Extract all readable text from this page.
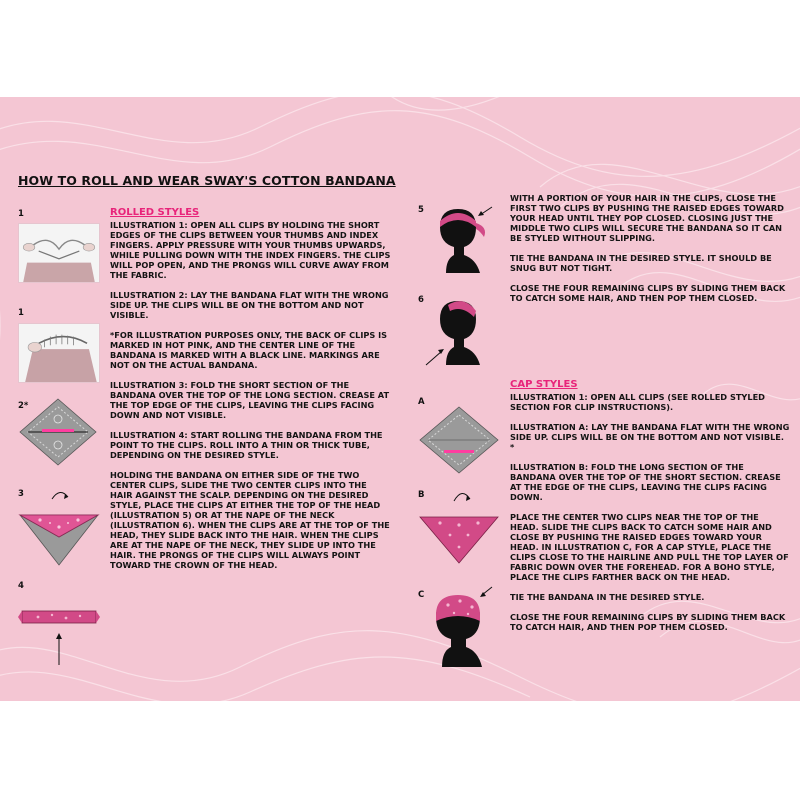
HOW TO ROLL AND WEAR SWAY'S COTTON BANDANA
1
1
2*
3
4

ROLLED STYLES

ILLUSTRATION 1: OPEN ALL CLIPS BY HOLDING THE SHORT EDGES OF THE CLIPS BETWEEN YOUR THUMBS AND INDEX FINGERS. APPLY PRESSURE WITH YOUR THUMBS UPWARDS, WHILE PULLING DOWN WITH THE INDEX FINGERS. THE CLIPS WILL POP OPEN, AND THE PRONGS WILL CURVE AWAY FROM THE FABRIC.

ILLUSTRATION 2: LAY THE BANDANA FLAT WITH THE WRONG SIDE UP. THE CLIPS WILL BE ON THE BOTTOM AND NOT VISIBLE.

*FOR ILLUSTRATION PURPOSES ONLY, THE BACK OF CLIPS IS MARKED IN HOT PINK, AND THE CENTER LINE OF THE BANDANA IS MARKED WITH A BLACK LINE. MARKINGS ARE NOT ON THE ACTUAL BANDANA.

ILLUSTRATION 3: FOLD THE SHORT SECTION OF THE BANDANA OVER THE TOP OF THE LONG SECTION. CREASE AT THE TOP EDGE OF THE CLIPS, LEAVING THE CLIPS FACING DOWN AND NOT VISIBLE.

ILLUSTRATION 4: START ROLLING THE BANDANA FROM THE POINT TO THE CLIPS. ROLL INTO A THIN OR THICK TUBE, DEPENDING ON THE DESIRED STYLE.

HOLDING THE BANDANA ON EITHER SIDE OF THE TWO CENTER CLIPS, SLIDE THE TWO CENTER CLIPS INTO THE HAIR AGAINST THE SCALP. DEPENDING ON THE DESIRED STYLE, PLACE THE CLIPS AT EITHER THE TOP OF THE HEAD (ILLUSTRATION 5) OR AT THE NAPE OF THE NECK (ILLUSTRATION 6). WHEN THE CLIPS ARE AT THE TOP OF THE HEAD, THEY SLIDE BACK INTO THE HAIR. WHEN THE CLIPS ARE AT THE NAPE OF THE NECK, THEY SLIDE UP INTO THE HAIR. THE PRONGS OF THE CLIPS WILL ALWAYS POINT TOWARD THE CROWN OF THE HEAD.

5
6
A
B
C

WITH A PORTION OF YOUR HAIR IN THE CLIPS, CLOSE THE FIRST TWO CLIPS BY PUSHING THE RAISED EDGES TOWARD YOUR HEAD UNTIL THEY POP CLOSED. CLOSING JUST THE MIDDLE TWO CLIPS WILL SECURE THE BANDANA SO IT CAN BE STYLED WITHOUT SLIPPING.

TIE THE BANDANA IN THE DESIRED STYLE. IT SHOULD BE SNUG BUT NOT TIGHT.

CLOSE THE FOUR REMAINING CLIPS BY SLIDING THEM BACK TO CATCH SOME HAIR, AND THEN POP THEM CLOSED.

CAP STYLES

ILLUSTRATION 1: OPEN ALL CLIPS (SEE ROLLED STYLED SECTION FOR CLIP INSTRUCTIONS).

ILLUSTRATION A: LAY THE BANDANA FLAT WITH THE WRONG SIDE UP. CLIPS WILL BE ON THE BOTTOM AND NOT VISIBLE. *

ILLUSTRATION B: FOLD THE LONG SECTION OF THE BANDANA OVER THE TOP OF THE SHORT SECTION. CREASE AT THE EDGE OF THE CLIPS, LEAVING THE CLIPS FACING DOWN.

PLACE THE CENTER TWO CLIPS NEAR THE TOP OF THE HEAD. SLIDE THE CLIPS BACK TO CATCH SOME HAIR AND CLOSE BY PUSHING THE RAISED EDGES TOWARD YOUR HEAD. IN ILLUSTRATION C, FOR A CAP STYLE, PLACE THE CLIPS CLOSE TO THE HAIRLINE AND PULL THE TOP LAYER OF FABRIC DOWN OVER THE FOREHEAD. FOR A BOHO STYLE, PLACE THE CLIPS FARTHER BACK ON THE HEAD.

TIE THE BANDANA IN THE DESIRED STYLE.

CLOSE THE FOUR REMAINING CLIPS BY SLIDING THEM BACK TO CATCH HAIR, AND THEN POP THEM CLOSED.
